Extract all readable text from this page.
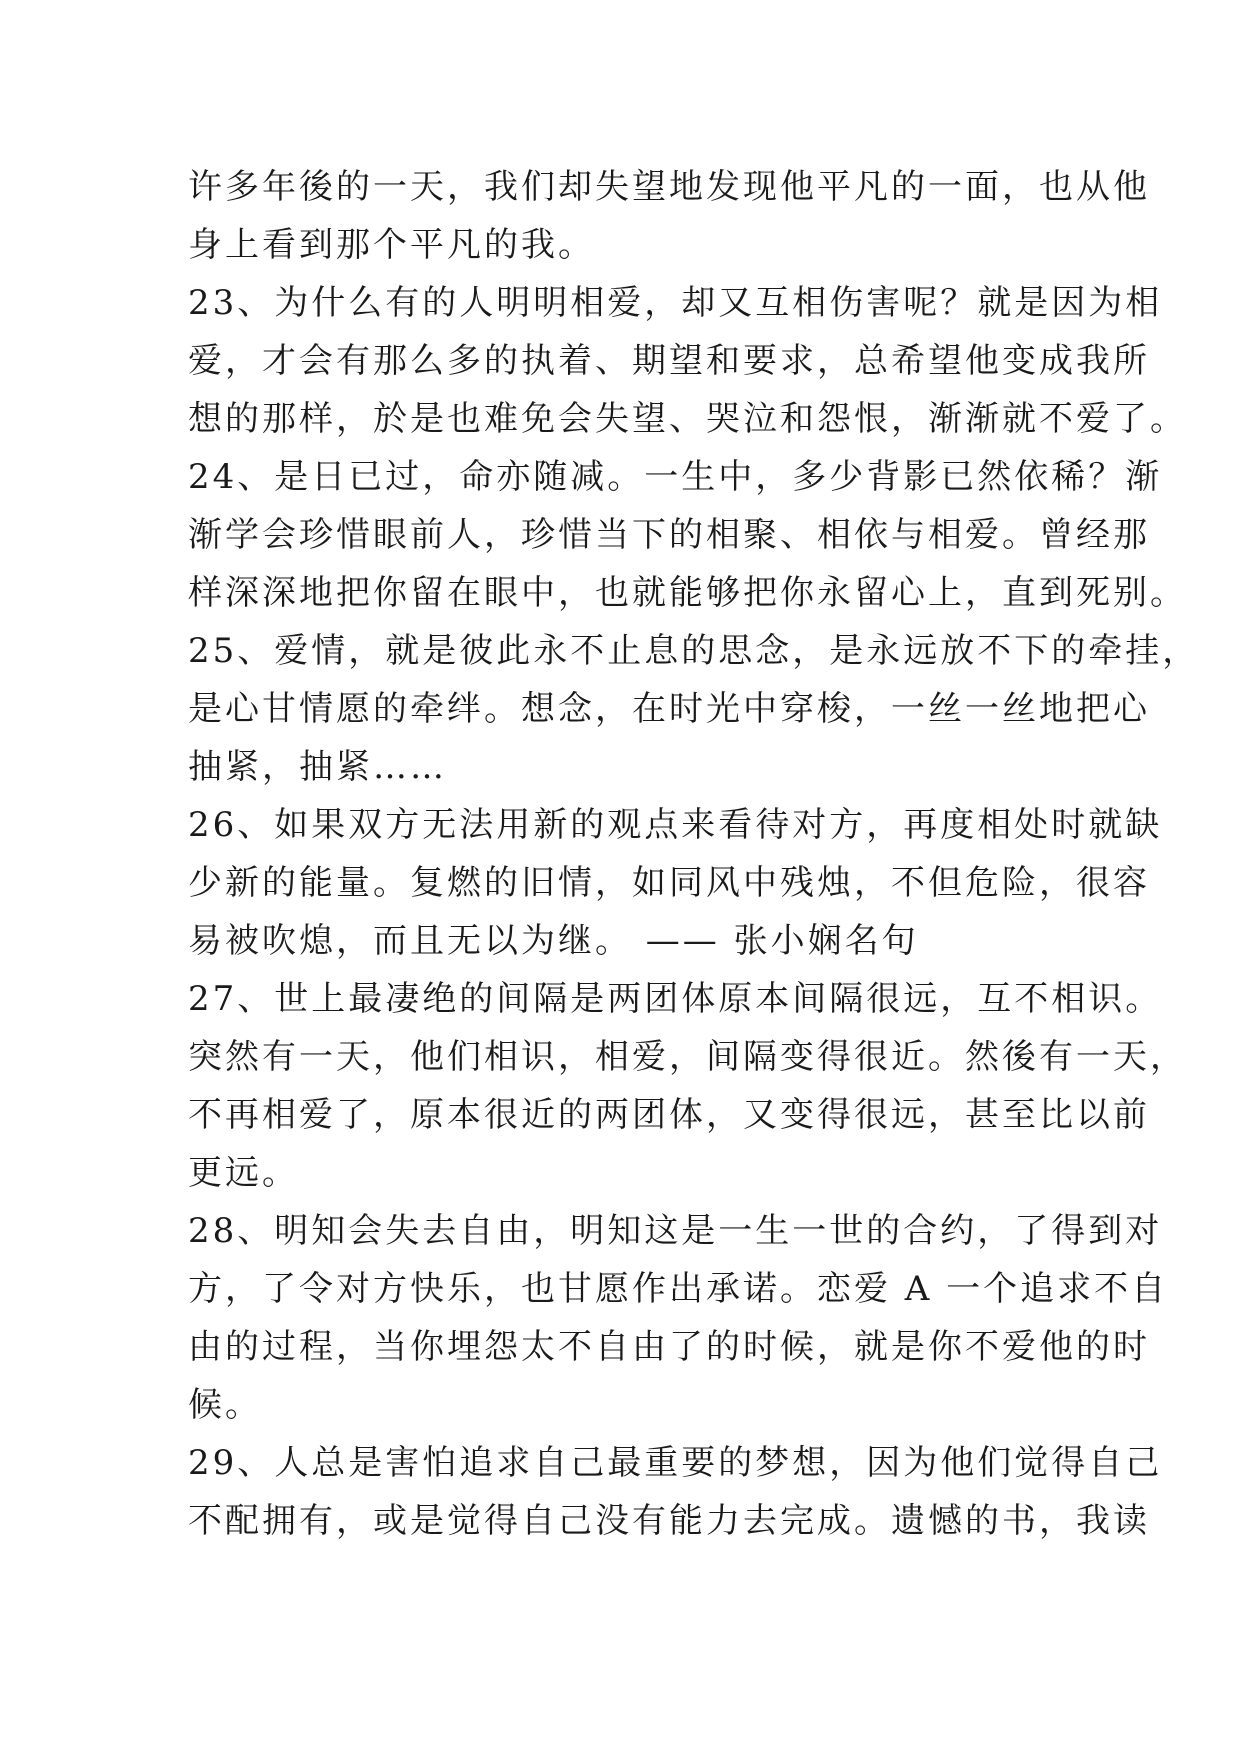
许多年後的一天，我们却失望地发现他平凡的一面，也从他
身上看到那个平凡的我。
23、为什么有的人明明相爱，却又互相伤害呢？就是因为相
爱，才会有那么多的执着、期望和要求，总希望他变成我所
想的那样，於是也难免会失望、哭泣和怨恨，渐渐就不爱了。
24、是日已过，命亦随减。一生中，多少背影已然依稀？渐
渐学会珍惜眼前人，珍惜当下的相聚、相依与相爱。曾经那
样深深地把你留在眼中，也就能够把你永留心上，直到死别。
25、爱情，就是彼此永不止息的思念，是永远放不下的牵挂，
是心甘情愿的牵绊。想念，在时光中穿梭，一丝一丝地把心
抽紧，抽紧……
26、如果双方无法用新的观点来看待对方，再度相处时就缺
少新的能量。复燃的旧情，如同风中残烛，不但危险，很容
易被吹熄，而且无以为继。 —— 张小娴名句
27、世上最凄绝的间隔是两团体原本间隔很远，互不相识。
突然有一天，他们相识，相爱，间隔变得很近。然後有一天，
不再相爱了，原本很近的两团体，又变得很远，甚至比以前
更远。
28、明知会失去自由，明知这是一生一世的合约，了得到对
方，了令对方快乐，也甘愿作出承诺。恋爱 A 一个追求不自
由的过程，当你埋怨太不自由了的时候，就是你不爱他的时
候。
29、人总是害怕追求自己最重要的梦想，因为他们觉得自己
不配拥有，或是觉得自己没有能力去完成。遗憾的书，我读
